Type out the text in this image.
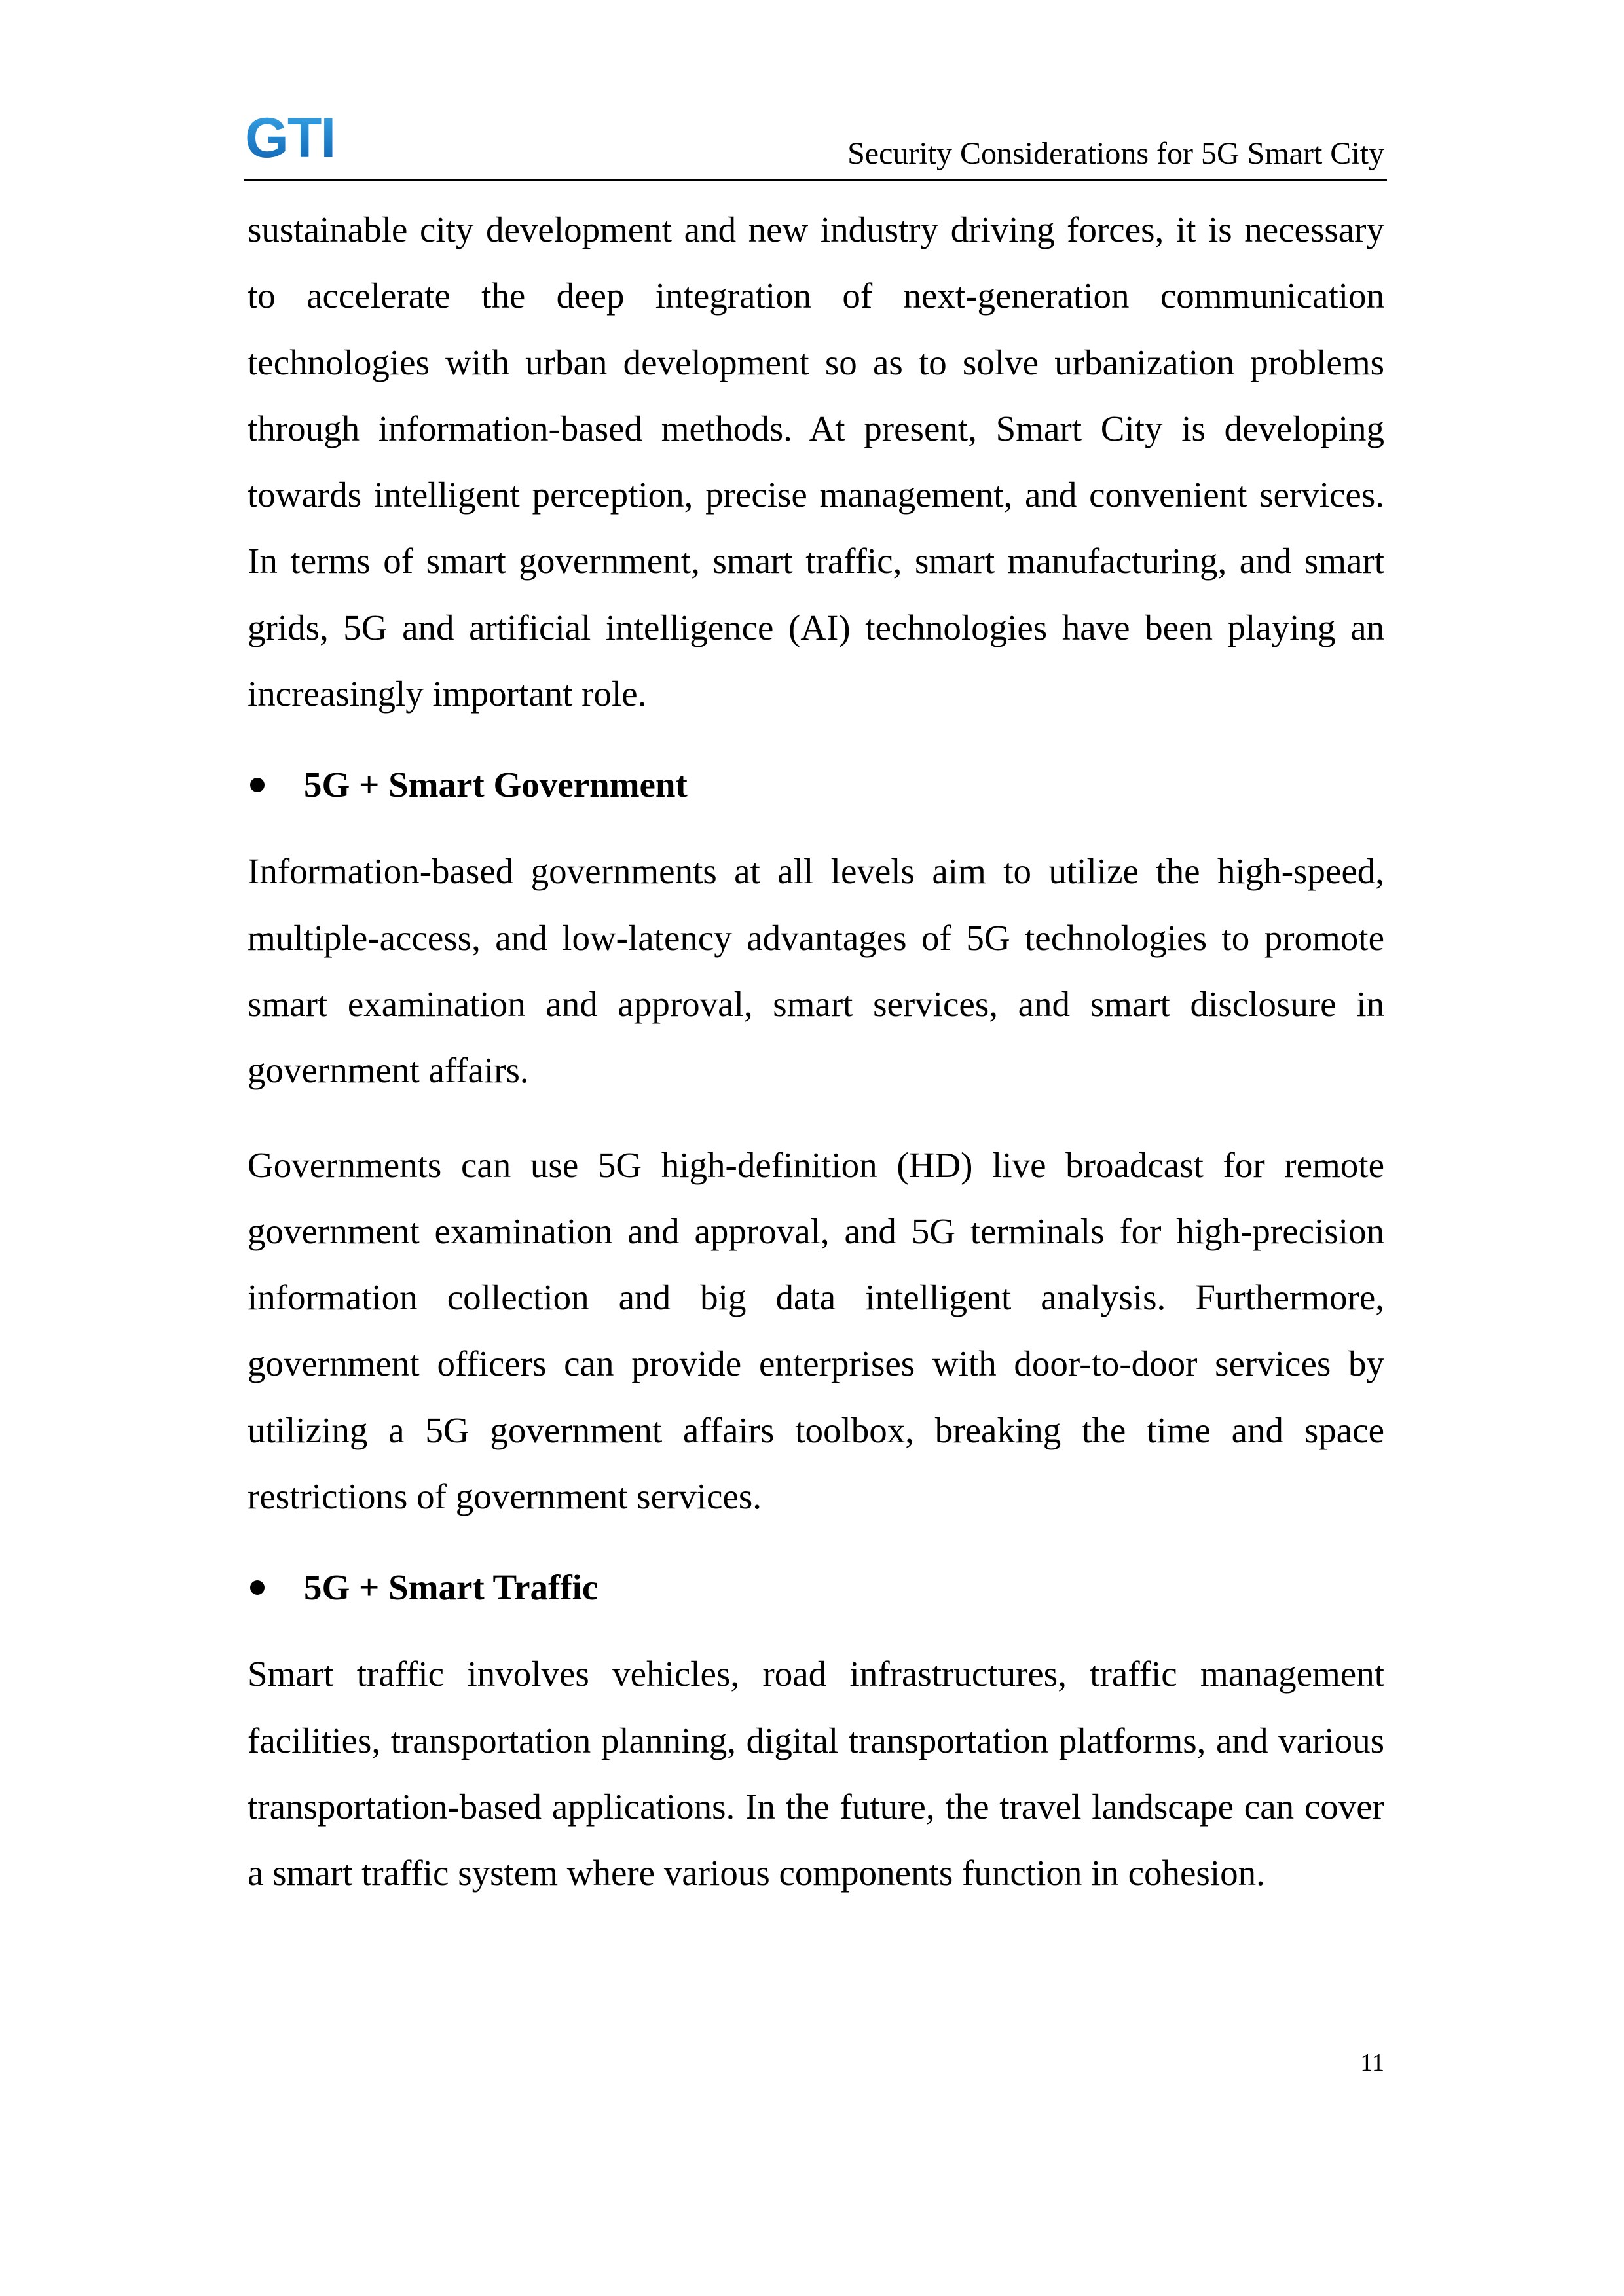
GTI	Security Considerations for 5G Smart City

sustainable city development and new industry driving forces, it is necessary to accelerate the deep integration of next-generation communication technologies with urban development so as to solve urbanization problems through information-based methods. At present, Smart City is developing towards intelligent perception, precise management, and convenient services. In terms of smart government, smart traffic, smart manufacturing, and smart grids, 5G and artificial intelligence (AI) technologies have been playing an increasingly important role.

5G + Smart Government

Information-based governments at all levels aim to utilize the high-speed, multiple-access, and low-latency advantages of 5G technologies to promote smart examination and approval, smart services, and smart disclosure in government affairs.

Governments can use 5G high-definition (HD) live broadcast for remote government examination and approval, and 5G terminals for high-precision information collection and big data intelligent analysis. Furthermore, government officers can provide enterprises with door-to-door services by utilizing a 5G government affairs toolbox, breaking the time and space restrictions of government services.

5G + Smart Traffic

Smart traffic involves vehicles, road infrastructures, traffic management facilities, transportation planning, digital transportation platforms, and various transportation-based applications. In the future, the travel landscape can cover a smart traffic system where various components function in cohesion.

11
